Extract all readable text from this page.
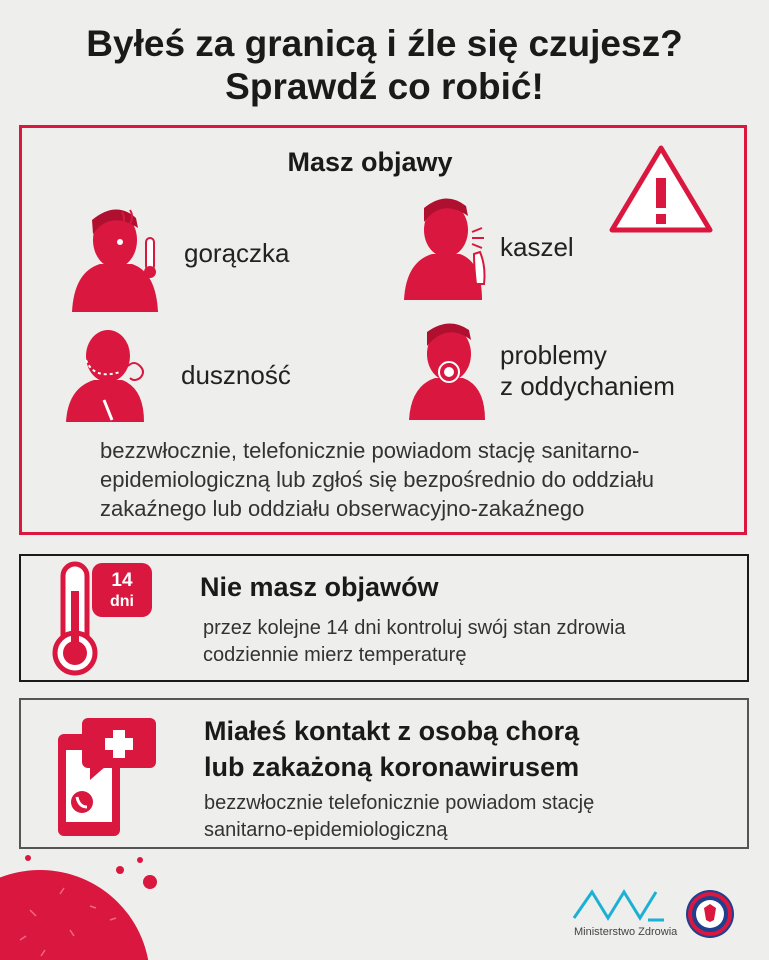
Byłeś za granicą i źle się czujesz?
Sprawdź co robić!
Masz objawy
gorączka	kaszel
duszność
problemy
z oddychaniem
bezzwłocznie, telefonicznie powiadom stację sanitarno-
epidemiologiczną lub zgłoś się bezpośrednio do oddziału
zakaźnego lub oddziału obserwacyjno-zakaźnego
14
dni	Nie masz objawów
przez kolejne 14 dni kontroluj swój stan zdrowia
codziennie mierz temperaturę
Miałeś kontakt z osobą chorą
lub zakażoną koronawirusem
bezzwłocznie telefonicznie powiadom stację
sanitarno-epidemiologiczną
Ministerstwo Zdrowia
